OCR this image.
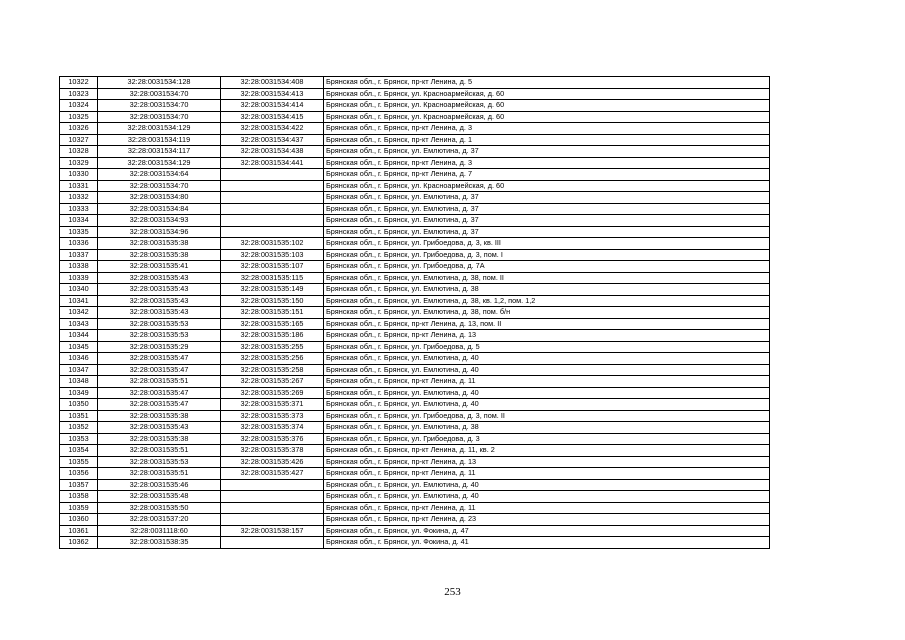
10322	32:28:0031534:128	32:28:0031534:408	Брянская обл., г. Брянск, пр-кт Ленина, д. 5
10323	32:28:0031534:70	32:28:0031534:413	Брянская обл., г. Брянск, ул. Красноармейская, д. 60
10324	32:28:0031534:70	32:28:0031534:414	Брянская обл., г. Брянск, ул. Красноармейская, д. 60
10325	32:28:0031534:70	32:28:0031534:415	Брянская обл., г. Брянск, ул. Красноармейская, д. 60
10326	32:28:0031534:129	32:28:0031534:422	Брянская обл., г. Брянск, пр-кт Ленина, д. 3
10327	32:28:0031534:119	32:28:0031534:437	Брянская обл., г. Брянск, пр-кт Ленина, д. 1
10328	32:28:0031534:117	32:28:0031534:438	Брянская обл., г. Брянск, ул. Емлютина, д. 37
10329	32:28:0031534:129	32:28:0031534:441	Брянская обл., г. Брянск, пр-кт Ленина, д. 3
10330	32:28:0031534:64		Брянская обл., г. Брянск, пр-кт Ленина, д. 7
10331	32:28:0031534:70		Брянская обл., г. Брянск, ул. Красноармейская, д. 60
10332	32:28:0031534:80		Брянская обл., г. Брянск, ул. Емлютина, д. 37
10333	32:28:0031534:84		Брянская обл., г. Брянск, ул. Емлютина, д. 37
10334	32:28:0031534:93		Брянская обл., г. Брянск, ул. Емлютина, д. 37
10335	32:28:0031534:96		Брянская обл., г. Брянск, ул. Емлютина, д. 37
10336	32:28:0031535:38	32:28:0031535:102	Брянская обл., г. Брянск, ул. Грибоедова, д. 3, кв. III
10337	32:28:0031535:38	32:28:0031535:103	Брянская обл., г. Брянск, ул. Грибоедова, д. 3, пом. I
10338	32:28:0031535:41	32:28:0031535:107	Брянская обл., г. Брянск, ул. Грибоедова, д. 7А
10339	32:28:0031535:43	32:28:0031535:115	Брянская обл., г. Брянск, ул. Емлютина, д. 38, пом. II
10340	32:28:0031535:43	32:28:0031535:149	Брянская обл., г. Брянск, ул. Емлютина, д. 38
10341	32:28:0031535:43	32:28:0031535:150	Брянская обл., г. Брянск, ул. Емлютина, д. 38, кв. 1,2, пом. 1,2
10342	32:28:0031535:43	32:28:0031535:151	Брянская обл., г. Брянск, ул. Емлютина, д. 38, пом. б/н
10343	32:28:0031535:53	32:28:0031535:165	Брянская обл., г. Брянск, пр-кт Ленина, д. 13, пом. II
10344	32:28:0031535:53	32:28:0031535:186	Брянская обл., г. Брянск, пр-кт Ленина, д. 13
10345	32:28:0031535:29	32:28:0031535:255	Брянская обл., г. Брянск, ул. Грибоедова, д. 5
10346	32:28:0031535:47	32:28:0031535:256	Брянская обл., г. Брянск, ул. Емлютина, д. 40
10347	32:28:0031535:47	32:28:0031535:258	Брянская обл., г. Брянск, ул. Емлютина, д. 40
10348	32:28:0031535:51	32:28:0031535:267	Брянская обл., г. Брянск, пр-кт Ленина, д. 11
10349	32:28:0031535:47	32:28:0031535:269	Брянская обл., г. Брянск, ул. Емлютина, д. 40
10350	32:28:0031535:47	32:28:0031535:371	Брянская обл., г. Брянск, ул. Емлютина, д. 40
10351	32:28:0031535:38	32:28:0031535:373	Брянская обл., г. Брянск, ул. Грибоедова, д. 3, пом. II
10352	32:28:0031535:43	32:28:0031535:374	Брянская обл., г. Брянск, ул. Емлютина, д. 38
10353	32:28:0031535:38	32:28:0031535:376	Брянская обл., г. Брянск, ул. Грибоедова, д. 3
10354	32:28:0031535:51	32:28:0031535:378	Брянская обл., г. Брянск, пр-кт Ленина, д. 11, кв. 2
10355	32:28:0031535:53	32:28:0031535:426	Брянская обл., г. Брянск, пр-кт Ленина, д. 13
10356	32:28:0031535:51	32:28:0031535:427	Брянская обл., г. Брянск, пр-кт Ленина, д. 11
10357	32:28:0031535:46		Брянская обл., г. Брянск, ул. Емлютина, д. 40
10358	32:28:0031535:48		Брянская обл., г. Брянск, ул. Емлютина, д. 40
10359	32:28:0031535:50		Брянская обл., г. Брянск, пр-кт Ленина, д. 11
10360	32:28:0031537:20		Брянская обл., г. Брянск, пр-кт Ленина, д. 23
10361	32:28:0031118:60	32:28:0031538:157	Брянская обл., г. Брянск, ул. Фокина, д. 47
10362	32:28:0031538:35		Брянская обл., г. Брянск, ул. Фокина, д. 41
253
